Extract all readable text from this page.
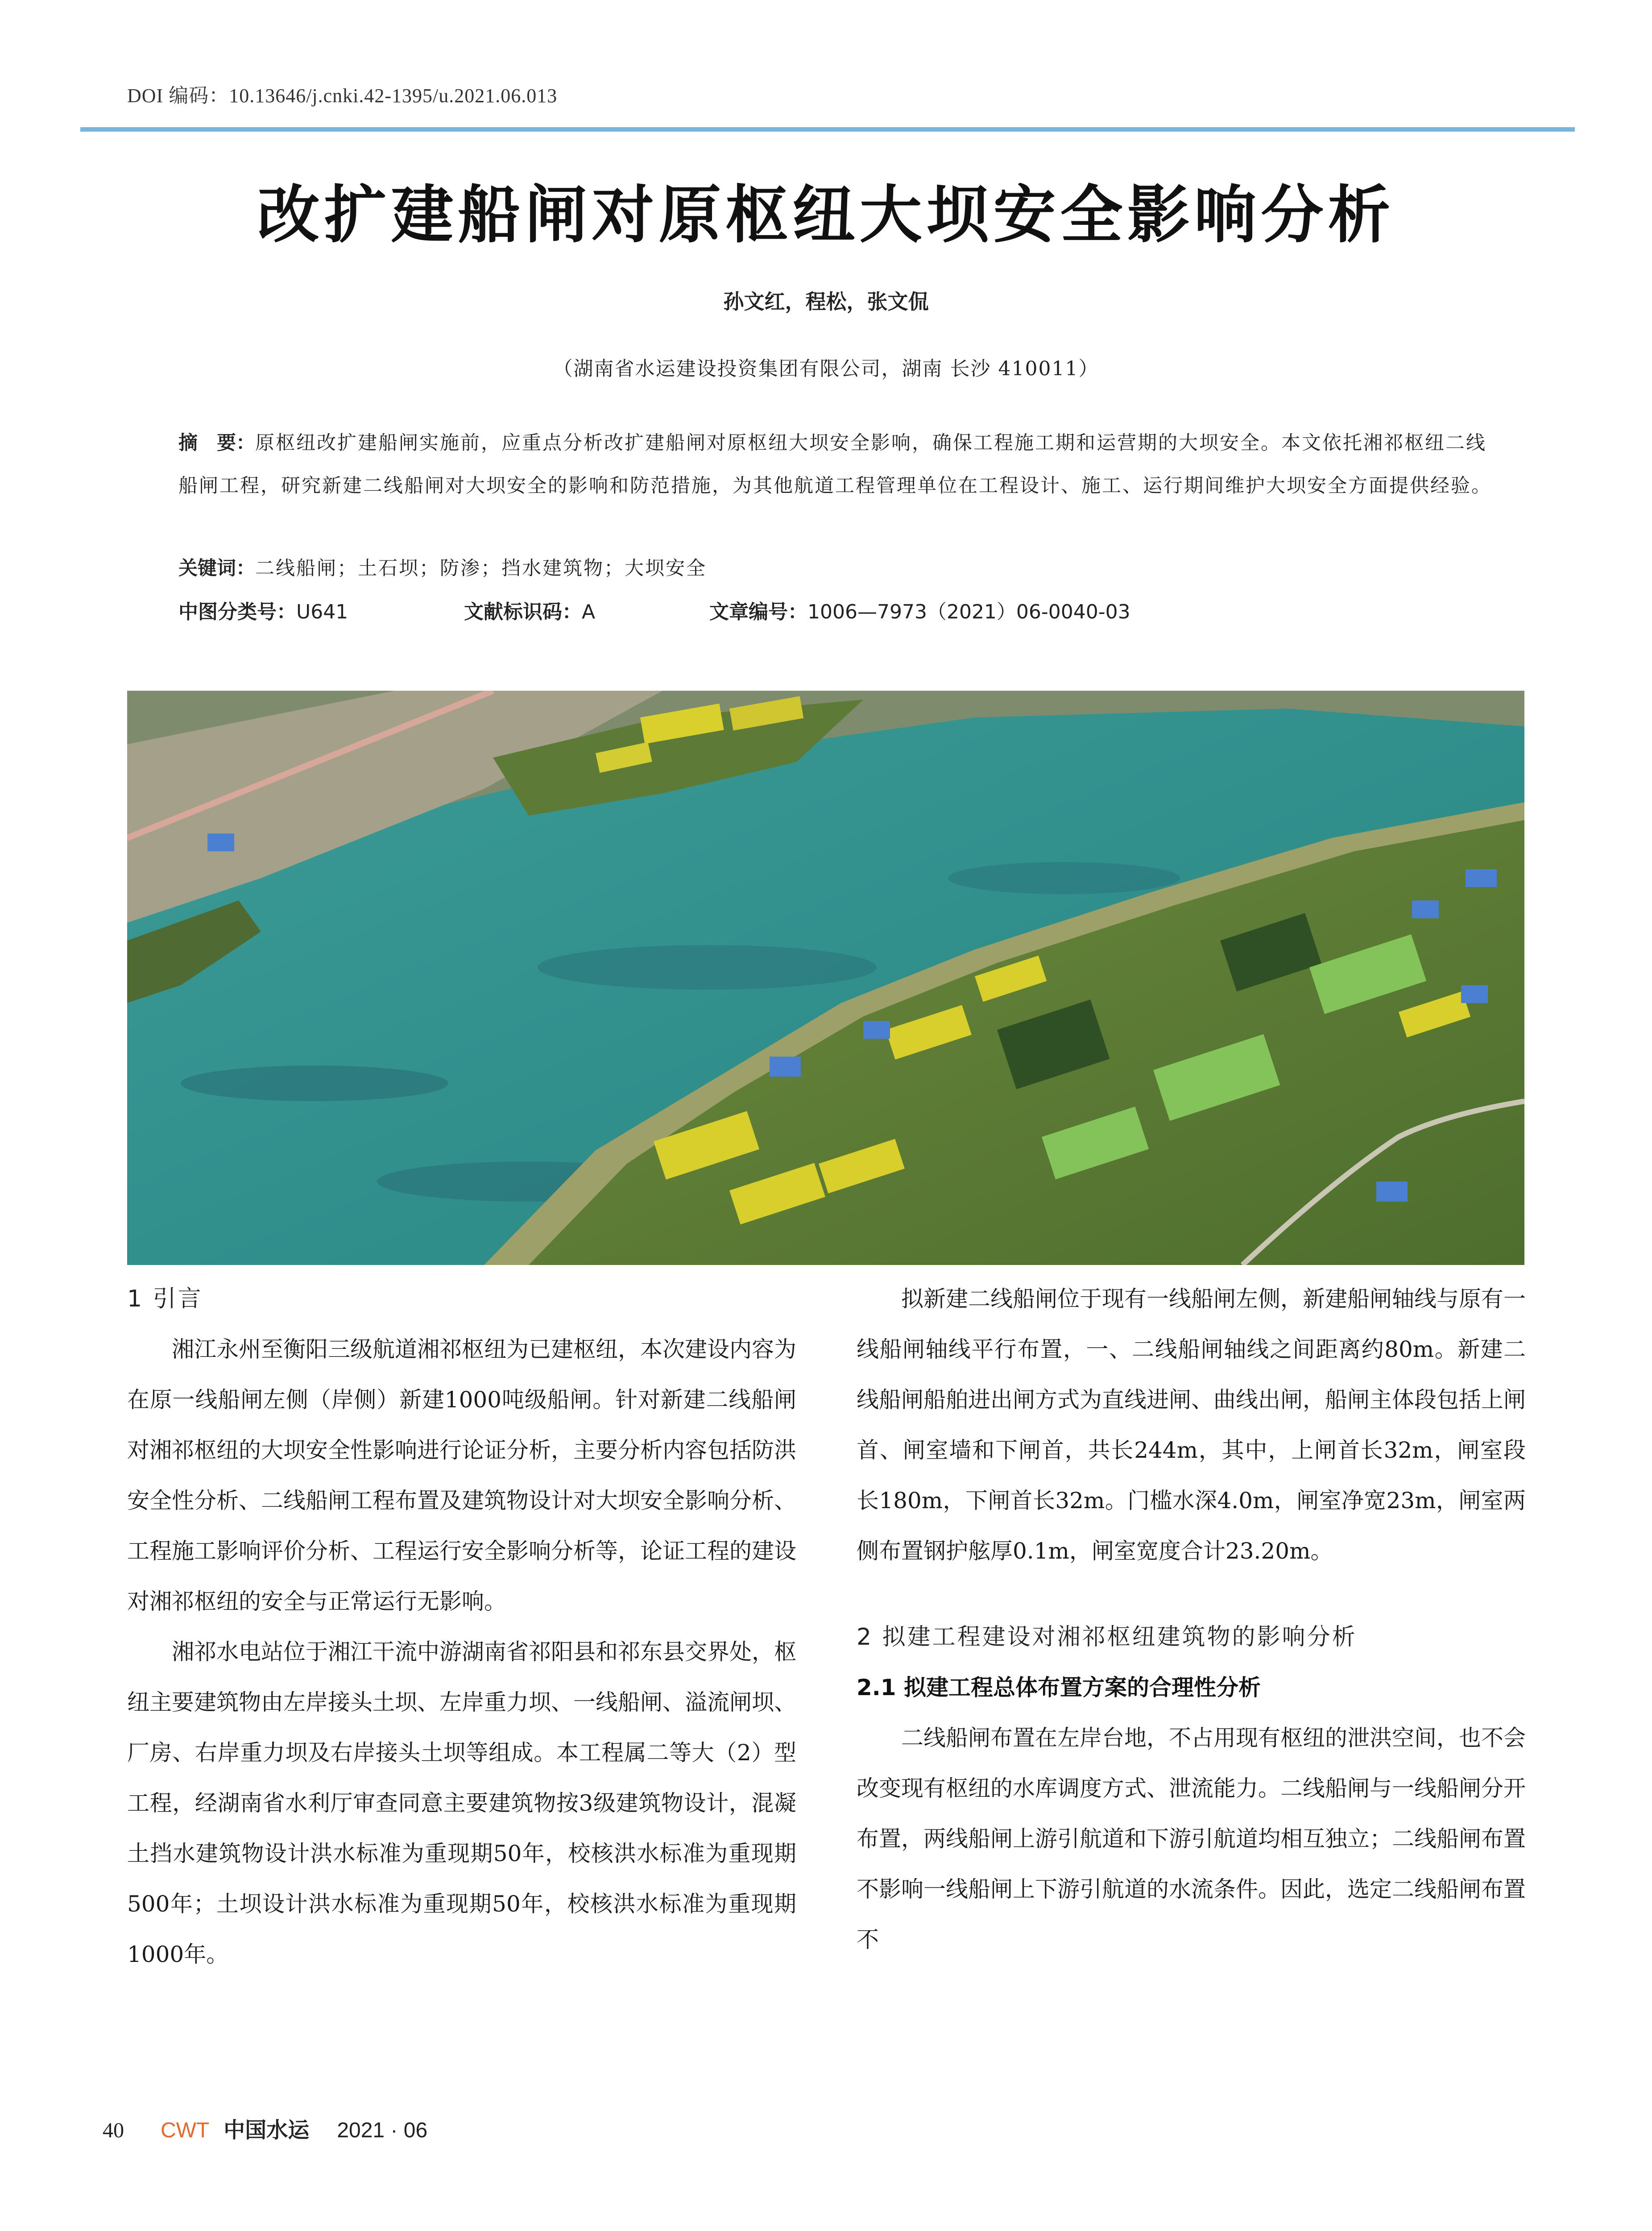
DOI 编码：10.13646/j.cnki.42-1395/u.2021.06.013
改扩建船闸对原枢纽大坝安全影响分析
孙文红，程松，张文侃
（湖南省水运建设投资集团有限公司，湖南 长沙 410011）
摘　要：原枢纽改扩建船闸实施前，应重点分析改扩建船闸对原枢纽大坝安全影响，确保工程施工期和运营期的大坝安全。本文依托湘祁枢纽二线船闸工程，研究新建二线船闸对大坝安全的影响和防范措施，为其他航道工程管理单位在工程设计、施工、运行期间维护大坝安全方面提供经验。
关键词：二线船闸；土石坝；防渗；挡水建筑物；大坝安全
中图分类号：U641	文献标识码：A	文章编号：1006—7973（2021）06-0040-03

1 引言

湘江永州至衡阳三级航道湘祁枢纽为已建枢纽，本次建设内容为在原一线船闸左侧（岸侧）新建1000吨级船闸。针对新建二线船闸对湘祁枢纽的大坝安全性影响进行论证分析，主要分析内容包括防洪安全性分析、二线船闸工程布置及建筑物设计对大坝安全影响分析、工程施工影响评价分析、工程运行安全影响分析等，论证工程的建设对湘祁枢纽的安全与正常运行无影响。

湘祁水电站位于湘江干流中游湖南省祁阳县和祁东县交界处，枢纽主要建筑物由左岸接头土坝、左岸重力坝、一线船闸、溢流闸坝、厂房、右岸重力坝及右岸接头土坝等组成。本工程属二等大（2）型工程，经湖南省水利厅审查同意主要建筑物按3级建筑物设计，混凝土挡水建筑物设计洪水标准为重现期50年，校核洪水标准为重现期500年；土坝设计洪水标准为重现期50年，校核洪水标准为重现期1000年。

拟新建二线船闸位于现有一线船闸左侧，新建船闸轴线与原有一线船闸轴线平行布置，一、二线船闸轴线之间距离约80m。新建二线船闸船舶进出闸方式为直线进闸、曲线出闸，船闸主体段包括上闸首、闸室墙和下闸首，共长244m，其中，上闸首长32m，闸室段长180m，下闸首长32m。门槛水深4.0m，闸室净宽23m，闸室两侧布置钢护舷厚0.1m，闸室宽度合计23.20m。

2 拟建工程建设对湘祁枢纽建筑物的影响分析

2.1 拟建工程总体布置方案的合理性分析

二线船闸布置在左岸台地，不占用现有枢纽的泄洪空间，也不会改变现有枢纽的水库调度方式、泄流能力。二线船闸与一线船闸分开布置，两线船闸上游引航道和下游引航道均相互独立；二线船闸布置不影响一线船闸上下游引航道的水流条件。因此，选定二线船闸布置不

40 CWT 中国水运 2021 · 06
